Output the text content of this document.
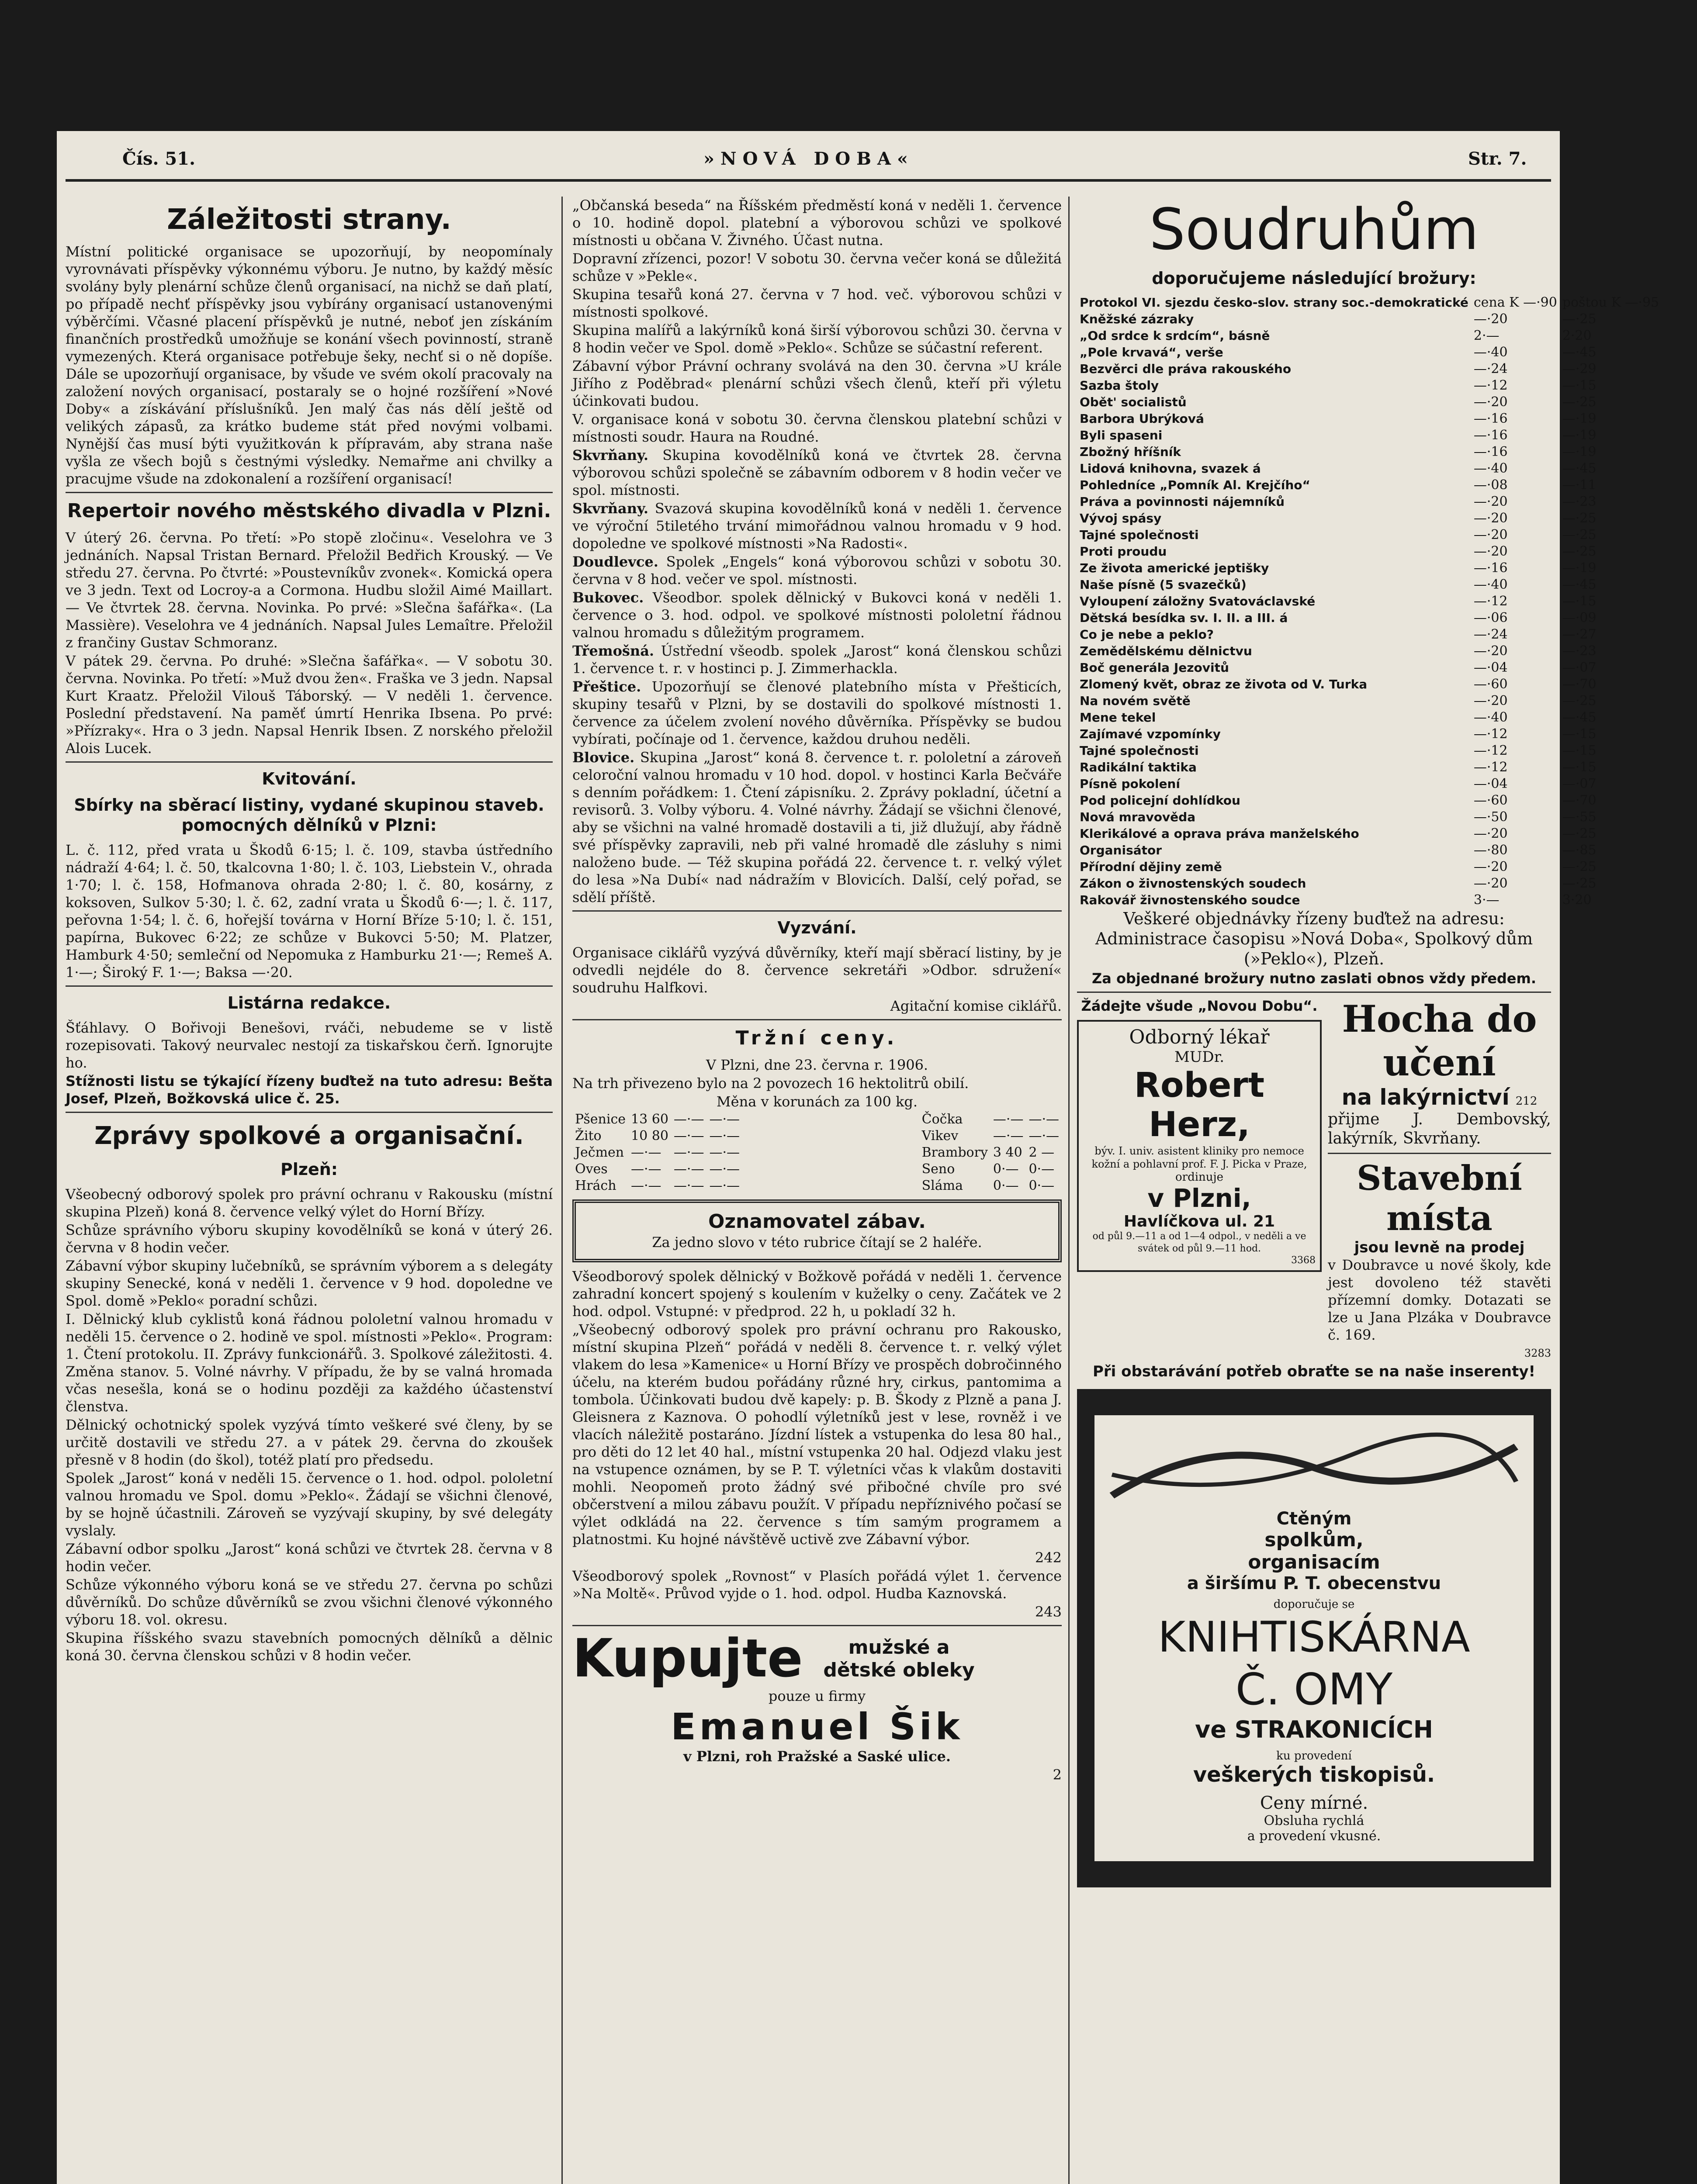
Čís. 51.	»NOVÁ DOBA«	Str. 7.
Záležitosti strany.

Místní politické organisace se upozorňují, by neopomínaly vyrovnávati příspěvky výkonnému výboru. Je nutno, by každý měsíc svolány byly plenární schůze členů organisací, na nichž se daň platí, po případě nechť příspěvky jsou vybírány organisací ustanovenými výběrčími. Včasné placení příspěvků je nutné, neboť jen získáním finančních prostředků umožňuje se konání všech povinností, straně vymezených. Která organisace potřebuje šeky, nechť si o ně dopíše. Dále se upozorňují organisace, by všude ve svém okolí pracovaly na založení nových organisací, postaraly se o hojné rozšíření »Nové Doby« a získávání příslušníků. Jen malý čas nás dělí ještě od velikých zápasů, za krátko budeme stát před novými volbami. Nynější čas musí býti využitkován k přípravám, aby strana naše vyšla ze všech bojů s čestnými výsledky. Nemařme ani chvilky a pracujme všude na zdokonalení a rozšíření organisací!

Repertoir nového městského divadla v Plzni.

V úterý 26. června. Po třetí: »Po stopě zločinu«. Veselohra ve 3 jednáních. Napsal Tristan Bernard. Přeložil Bedřich Krouský. — Ve středu 27. června. Po čtvrté: »Poustevníkův zvonek«. Komická opera ve 3 jedn. Text od Locroy-a a Cormona. Hudbu složil Aimé Maillart. — Ve čtvrtek 28. června. Novinka. Po prvé: »Slečna šafářka«. (La Massière). Veselohra ve 4 jednáních. Napsal Jules Lemaître. Přeložil z frančiny Gustav Schmoranz.

V pátek 29. června. Po druhé: »Slečna šafářka«. — V sobotu 30. června. Novinka. Po třetí: »Muž dvou žen«. Fraška ve 3 jedn. Napsal Kurt Kraatz. Přeložil Vilouš Táborský. — V neděli 1. července. Poslední představení. Na paměť úmrtí Henrika Ibsena. Po prvé: »Přízraky«. Hra o 3 jedn. Napsal Henrik Ibsen. Z norského přeložil Alois Lucek.

Kvitování.
Sbírky na sběrací listiny, vydané skupinou staveb. pomocných dělníků v Plzni:

L. č. 112, před vrata u Škodů 6·15; l. č. 109, stavba ústředního nádraží 4·64; l. č. 50, tkalcovna 1·80; l. č. 103, Liebstein V., ohrada 1·70; l. č. 158, Hofmanova ohrada 2·80; l. č. 80, kosárny, z koksoven, Sulkov 5·30; l. č. 62, zadní vrata u Škodů 6·—; l. č. 117, peřovna 1·54; l. č. 6, hořejší továrna v Horní Bříze 5·10; l. č. 151, papírna, Bukovec 6·22; ze schůze v Bukovci 5·50; M. Platzer, Hamburk 4·50; semleční od Nepomuka z Hamburku 21·—; Remeš A. 1·—; Široký F. 1·—; Baksa —·20.

Listárna redakce.

Šťáhlavy. O Bořivoji Benešovi, rváči, nebudeme se v listě rozepisovati. Takový neurvalec nestojí za tiskařskou čerň. Ignorujte ho.

Stížnosti listu se týkající řízeny buďtež na tuto adresu: Bešta Josef, Plzeň, Božkovská ulice č. 25.

Zprávy spolkové a organisační.
Plzeň:

Všeobecný odborový spolek pro právní ochranu v Rakousku (místní skupina Plzeň) koná 8. července velký výlet do Horní Břízy.

Schůze správního výboru skupiny kovodělníků se koná v úterý 26. června v 8 hodin večer.

Zábavní výbor skupiny lučebníků, se správním výborem a s delegáty skupiny Senecké, koná v neděli 1. července v 9 hod. dopoledne ve Spol. domě »Peklo« poradní schůzi.

I. Dělnický klub cyklistů koná řádnou pololetní valnou hromadu v neděli 15. července o 2. hodině ve spol. místnosti »Peklo«. Program: 1. Čtení protokolu. II. Zprávy funkcionářů. 3. Spolkové záležitosti. 4. Změna stanov. 5. Volné návrhy. V případu, že by se valná hromada včas nesešla, koná se o hodinu později za každého účastenství členstva.

Dělnický ochotnický spolek vyzývá tímto veškeré své členy, by se určitě dostavili ve středu 27. a v pátek 29. června do zkoušek přesně v 8 hodin (do škol), totéž platí pro předsedu.

Spolek „Jarost“ koná v neděli 15. července o 1. hod. odpol. pololetní valnou hromadu ve Spol. domu »Peklo«. Žádají se všichni členové, by se hojně účastnili. Zároveň se vyzývají skupiny, by své delegáty vyslaly.

Zábavní odbor spolku „Jarost“ koná schůzi ve čtvrtek 28. června v 8 hodin večer.

Schůze výkonného výboru koná se ve středu 27. června po schůzi důvěrníků. Do schůze důvěrníků se zvou všichni členové výkonného výboru 18. vol. okresu.

Skupina říšského svazu stavebních pomocných dělníků a dělnic koná 30. června členskou schůzi v 8 hodin večer.

„Občanská beseda“ na Říšském předměstí koná v neděli 1. července o 10. hodině dopol. platební a výborovou schůzi ve spolkové místnosti u občana V. Živného. Účast nutna.

Dopravní zřízenci, pozor! V sobotu 30. června večer koná se důležitá schůze v »Pekle«.

Skupina tesařů koná 27. června v 7 hod. več. výborovou schůzi v místnosti spolkové.

Skupina malířů a lakýrníků koná širší výborovou schůzi 30. června v 8 hodin večer ve Spol. domě »Peklo«. Schůze se súčastní referent.

Zábavní výbor Právní ochrany svolává na den 30. června »U krále Jiřího z Poděbrad« plenární schůzi všech členů, kteří při výletu účinkovati budou.

V. organisace koná v sobotu 30. června členskou platební schůzi v místnosti soudr. Haura na Roudné.

Skvrňany. Skupina kovodělníků koná ve čtvrtek 28. června výborovou schůzi společně se zábavním odborem v 8 hodin večer ve spol. místnosti.

Skvrňany. Svazová skupina kovodělníků koná v neděli 1. července ve výroční 5tiletého trvání mimořádnou valnou hromadu v 9 hod. dopoledne ve spolkové místnosti »Na Radosti«.

Doudlevce. Spolek „Engels“ koná výborovou schůzi v sobotu 30. června v 8 hod. večer ve spol. místnosti.

Bukovec. Všeodbor. spolek dělnický v Bukovci koná v neděli 1. července o 3. hod. odpol. ve spolkové místnosti pololetní řádnou valnou hromadu s důležitým programem.

Třemošná. Ústřední všeodb. spolek „Jarost“ koná členskou schůzi 1. července t. r. v hostinci p. J. Zimmerhackla.

Přeštice. Upozorňují se členové platebního místa v Přešticích, skupiny tesařů v Plzni, by se dostavili do spolkové místnosti 1. července za účelem zvolení nového důvěrníka. Příspěvky se budou vybírati, počínaje od 1. července, každou druhou neděli.

Blovice. Skupina „Jarost“ koná 8. července t. r. pololetní a zároveň celoroční valnou hromadu v 10 hod. dopol. v hostinci Karla Bečváře s denním pořádkem: 1. Čtení zápisníku. 2. Zprávy pokladní, účetní a revisorů. 3. Volby výboru. 4. Volné návrhy. Žádají se všichni členové, aby se všichni na valné hromadě dostavili a ti, již dlužují, aby řádně své příspěvky zapravili, neb při valné hromadě dle zásluhy s nimi naloženo bude. — Též skupina pořádá 22. července t. r. velký výlet do lesa »Na Dubí« nad nádražím v Blovicích. Další, celý pořad, se sdělí příště.

Vyzvání.

Organisace ciklářů vyzývá důvěrníky, kteří mají sběrací listiny, by je odvedli nejdéle do 8. července sekretáři »Odbor. sdružení« soudruhu Halfkovi.

Agitační komise ciklářů.

Tržní ceny.

V Plzni, dne 23. června r. 1906.

Na trh přivezeno bylo na 2 povozech 16 hektolitrů obilí.

Měna v korunách za 100 kg.

Pšenice	13 60	—·—	—·—
Žito	10 80	—·—	—·—
Ječmen	—·—	—·—	—·—
Oves	—·—	—·—	—·—
Hrách	—·—	—·—	—·—
Čočka	—·—	—·—
Vikev	—·—	—·—
Brambory	3 40	2 —
Seno	0·—	0·—
Sláma	0·—	0·—
Oznamovatel zábav.

Za jedno slovo v této rubrice čítají se 2 haléře.

Všeodborový spolek dělnický v Božkově pořádá v neděli 1. července zahradní koncert spojený s koulením v kuželky o ceny. Začátek ve 2 hod. odpol. Vstupné: v předprod. 22 h, u pokladí 32 h.

„Všeobecný odborový spolek pro právní ochranu pro Rakousko, místní skupina Plzeň“ pořádá v neděli 8. července t. r. velký výlet vlakem do lesa »Kamenice« u Horní Břízy ve prospěch dobročinného účelu, na kterém budou pořádány různé hry, cirkus, pantomima a tombola. Účinkovati budou dvě kapely: p. B. Škody z Plzně a pana J. Gleisnera z Kaznova. O pohodlí výletníků jest v lese, rovněž i ve vlacích náležitě postaráno. Jízdní lístek a vstupenka do lesa 80 hal., pro děti do 12 let 40 hal., místní vstupenka 20 hal. Odjezd vlaku jest na vstupence oznámen, by se P. T. výletníci včas k vlakům dostaviti mohli. Neopomeň proto žádný své přibočné chvíle pro své občerstvení a milou zábavu použít. V případu nepříznivého počasí se výlet odkládá na 22. července s tím samým programem a platnostmi. Ku hojné návštěvě uctivě zve Zábavní výbor.

242

Všeodborový spolek „Rovnost“ v Plasích pořádá výlet 1. července »Na Moltě«. Průvod vyjde o 1. hod. odpol. Hudba Kaznovská.

243

Kupujte	mužské a dětské obleky

pouze u firmy

Emanuel Šik

v Plzni, roh Pražské a Saské ulice.

2

Soudruhům
doporučujeme následující brožury:
Protokol VI. sjezdu česko-slov. strany soc.-demokratické	cena K —·90	poštou K —·95
Kněžské zázraky	—·20	—·25
„Od srdce k srdcím“, básně	2·—	2·20
„Pole krvavá“, verše	—·40	—·45
Bezvěrci dle práva rakouského	—·24	—·29
Sazba štoly	—·12	—·15
Obět' socialistů	—·20	—·25
Barbora Ubrýková	—·16	—·19
Byli spaseni	—·16	—·19
Zbožný hříšník	—·16	—·19
Lidová knihovna, svazek á	—·40	—·45
Pohledníce „Pomník Al. Krejčího“	—·08	—·11
Práva a povinnosti nájemníků	—·20	—·23
Vývoj spásy	—·20	—·25
Tajné společnosti	—·20	—·25
Proti proudu	—·20	—·25
Ze života americké jeptišky	—·16	—·19
Naše písně (5 svazečků)	—·40	—·45
Vyloupení záložny Svatováclavské	—·12	—·15
Dětská besídka sv. I. II. a III. á	—·06	—·09
Co je nebe a peklo?	—·24	—·27
Zemědělskému dělnictvu	—·20	—·23
Boč generála Jezovitů	—·04	—·07
Zlomený květ, obraz ze života od V. Turka	—·60	—·70
Na novém světě	—·20	—·25
Mene tekel	—·40	—·45
Zajímavé vzpomínky	—·12	—·15
Tajné společnosti	—·12	—·15
Radikální taktika	—·12	—·15
Písně pokolení	—·04	—·07
Pod policejní dohlídkou	—·60	—·70
Nová mravověda	—·50	—·55
Klerikálové a oprava práva manželského	—·20	—·25
Organisátor	—·80	—·85
Přírodní dějiny země	—·20	—·25
Zákon o živnostenských soudech	—·20	—·25
Rakovář živnostenského soudce	3·—	3·20

Veškeré objednávky řízeny buďtež na adresu: Administrace časopisu »Nová Doba«, Spolkový dům (»Peklo«), Plzeň.

Za objednané brožury nutno zaslati obnos vždy předem.

Žádejte všude „Novou Dobu“.

Odborný lékař
MUDr.
Robert Herz,
býv. I. univ. asistent kliniky pro nemoce kožní a pohlavní prof. F. J. Picka v Praze,
ordinuje
v Plzni,
Havlíčkova ul. 21
od půl 9.—11 a od 1—4 odpol., v neděli a ve svátek od půl 9.—11 hod.
3368
Hocha do učení
na lakýrnictví 212

přijme J. Dembovský, lakýrník, Skvrňany.

Stavební místa
jsou levně na prodej

v Doubravce u nové školy, kde jest dovoleno též stavěti přízemní domky. Dotazati se lze u Jana Plzáka v Doubravce č. 169.

3283

Při obstarávání potřeb obraťte se na naše inserenty!

Ctěným
spolkům,
organisacím
a širšímu P. T. obecenstvu
doporučuje se
KNIHTISKÁRNA
Č. OMY
ve STRAKONICÍCH
ku provedení
veškerých tiskopisů.
Ceny mírné.
Obsluha rychlá
a provedení vkusné.
